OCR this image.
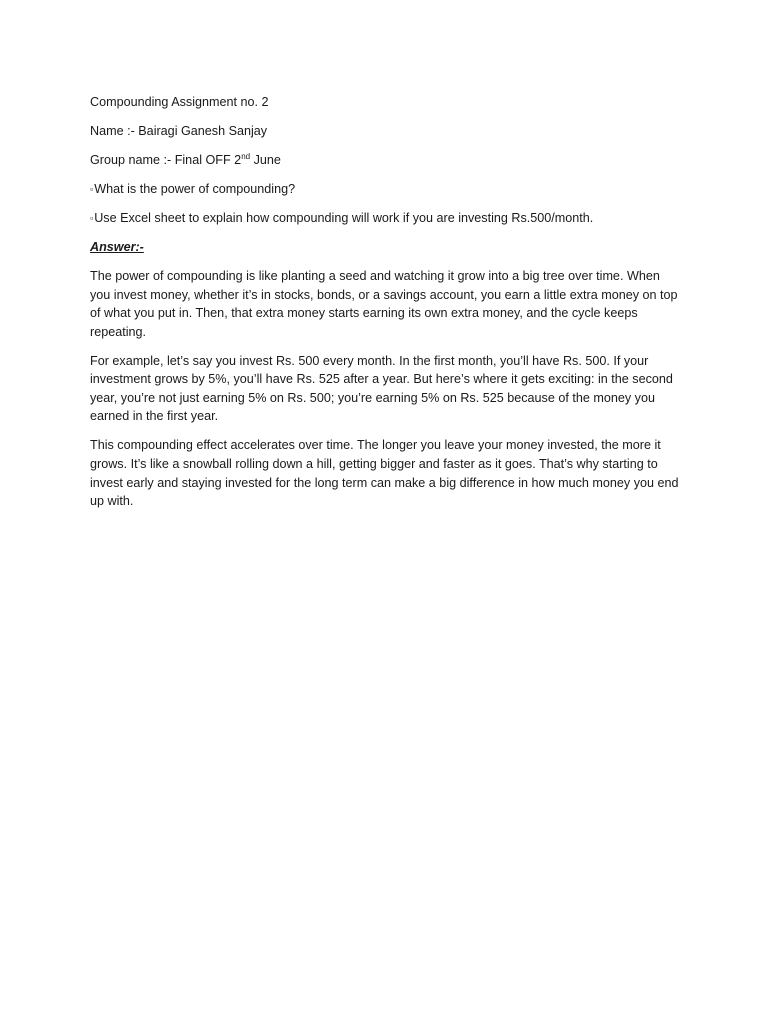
Compounding Assignment no. 2
Name :- Bairagi Ganesh Sanjay
Group name :- Final OFF 2nd June
▫What is the power of compounding?
▫Use Excel sheet to explain how compounding will work if you are investing Rs.500/month.
Answer:-
The power of compounding is like planting a seed and watching it grow into a big tree over time. When you invest money, whether it’s in stocks, bonds, or a savings account, you earn a little extra money on top of what you put in. Then, that extra money starts earning its own extra money, and the cycle keeps repeating.
For example, let’s say you invest Rs. 500 every month. In the first month, you’ll have Rs. 500. If your investment grows by 5%, you’ll have Rs. 525 after a year. But here’s where it gets exciting: in the second year, you’re not just earning 5% on Rs. 500; you’re earning 5% on Rs. 525 because of the money you earned in the first year.
This compounding effect accelerates over time. The longer you leave your money invested, the more it grows. It’s like a snowball rolling down a hill, getting bigger and faster as it goes. That’s why starting to invest early and staying invested for the long term can make a big difference in how much money you end up with.
